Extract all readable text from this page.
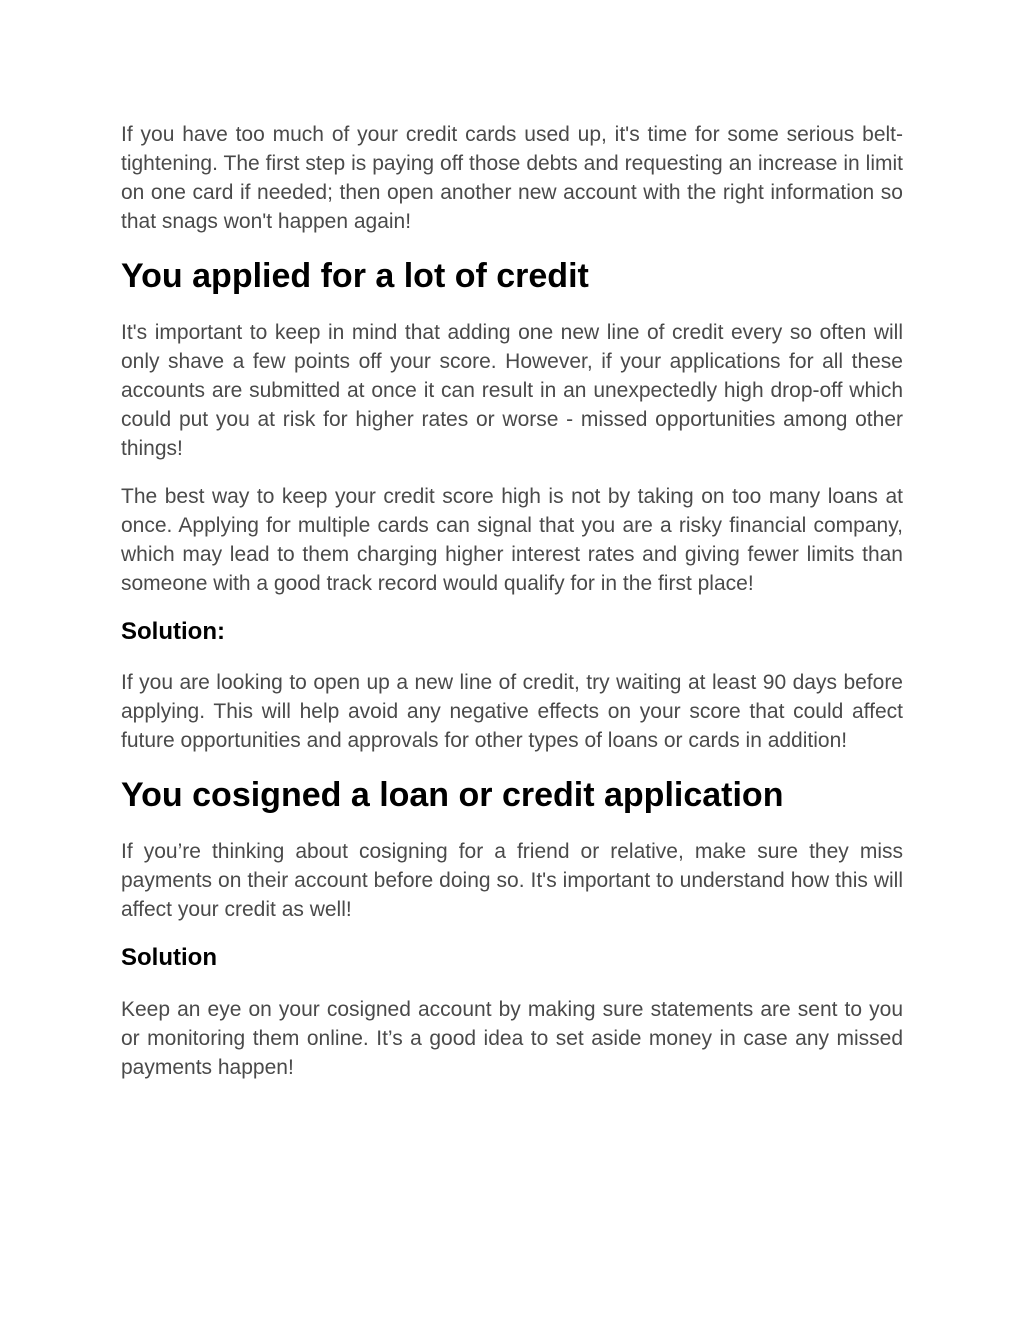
If you have too much of your credit cards used up, it's time for some serious belt-tightening. The first step is paying off those debts and requesting an increase in limit on one card if needed; then open another new account with the right information so that snags won't happen again!

You applied for a lot of credit

It's important to keep in mind that adding one new line of credit every so often will only shave a few points off your score. However, if your applications for all these accounts are submitted at once it can result in an unexpectedly high drop-off which could put you at risk for higher rates or worse - missed opportunities among other things!

The best way to keep your credit score high is not by taking on too many loans at once. Applying for multiple cards can signal that you are a risky financial company, which may lead to them charging higher interest rates and giving fewer limits than someone with a good track record would qualify for in the first place!

Solution:

If you are looking to open up a new line of credit, try waiting at least 90 days before applying. This will help avoid any negative effects on your score that could affect future opportunities and approvals for other types of loans or cards in addition!

You cosigned a loan or credit application

If you’re thinking about cosigning for a friend or relative, make sure they miss payments on their account before doing so. It's important to understand how this will affect your credit as well!

Solution

Keep an eye on your cosigned account by making sure statements are sent to you or monitoring them online. It’s a good idea to set aside money in case any missed payments happen!
